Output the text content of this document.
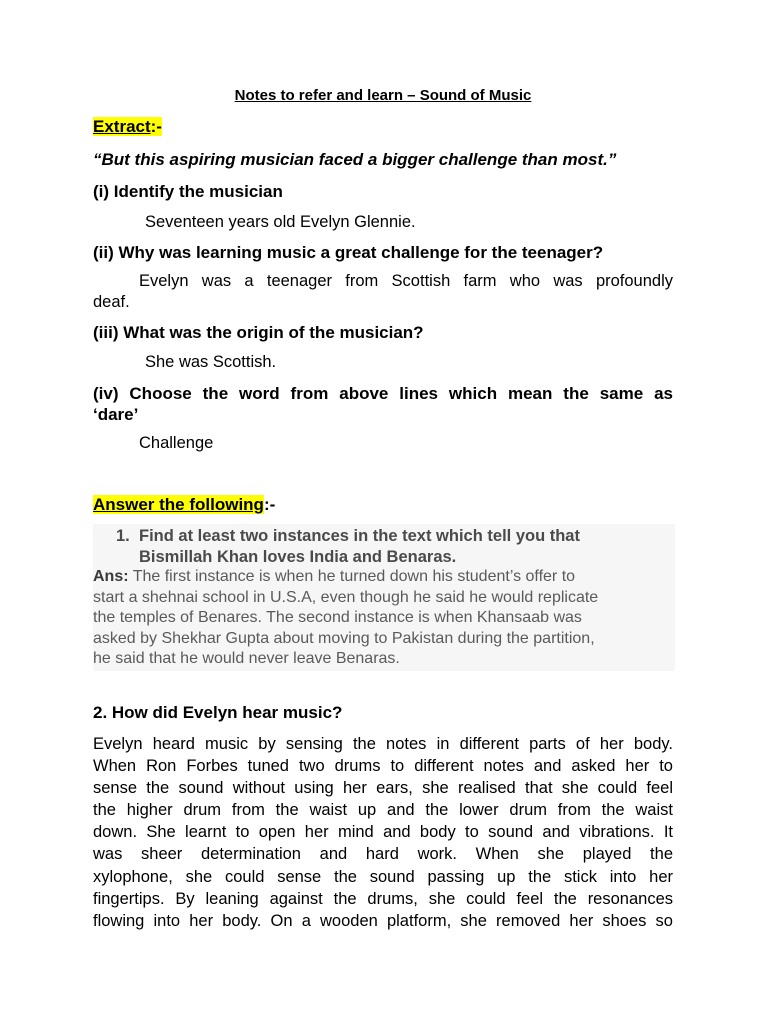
Notes to refer and learn – Sound of Music
Extract:-
“But this aspiring musician faced a bigger challenge than most.”
(i) Identify the musician
Seventeen years old Evelyn Glennie.
(ii) Why was learning music a great challenge for the teenager?
Evelyn was a teenager from Scottish farm who was profoundly
deaf.
(iii) What was the origin of the musician?
She was Scottish.
(iv) Choose the word from above lines which mean the same as
‘dare’
Challenge
Answer the following:-
1. Find at least two instances in the text which tell you that
Bismillah Khan loves India and Benaras.
Ans: The first instance is when he turned down his student’s offer to
start a shehnai school in U.S.A, even though he said he would replicate
the temples of Benares. The second instance is when Khansaab was
asked by Shekhar Gupta about moving to Pakistan during the partition,
he said that he would never leave Benaras.
2. How did Evelyn hear music?
Evelyn heard music by sensing the notes in different parts of her body.
When Ron Forbes tuned two drums to different notes and asked her to
sense the sound without using her ears, she realised that she could feel
the higher drum from the waist up and the lower drum from the waist
down. She learnt to open her mind and body to sound and vibrations. It
was sheer determination and hard work. When she played the
xylophone, she could sense the sound passing up the stick into her
fingertips. By leaning against the drums, she could feel the resonances
flowing into her body. On a wooden platform, she removed her shoes so
